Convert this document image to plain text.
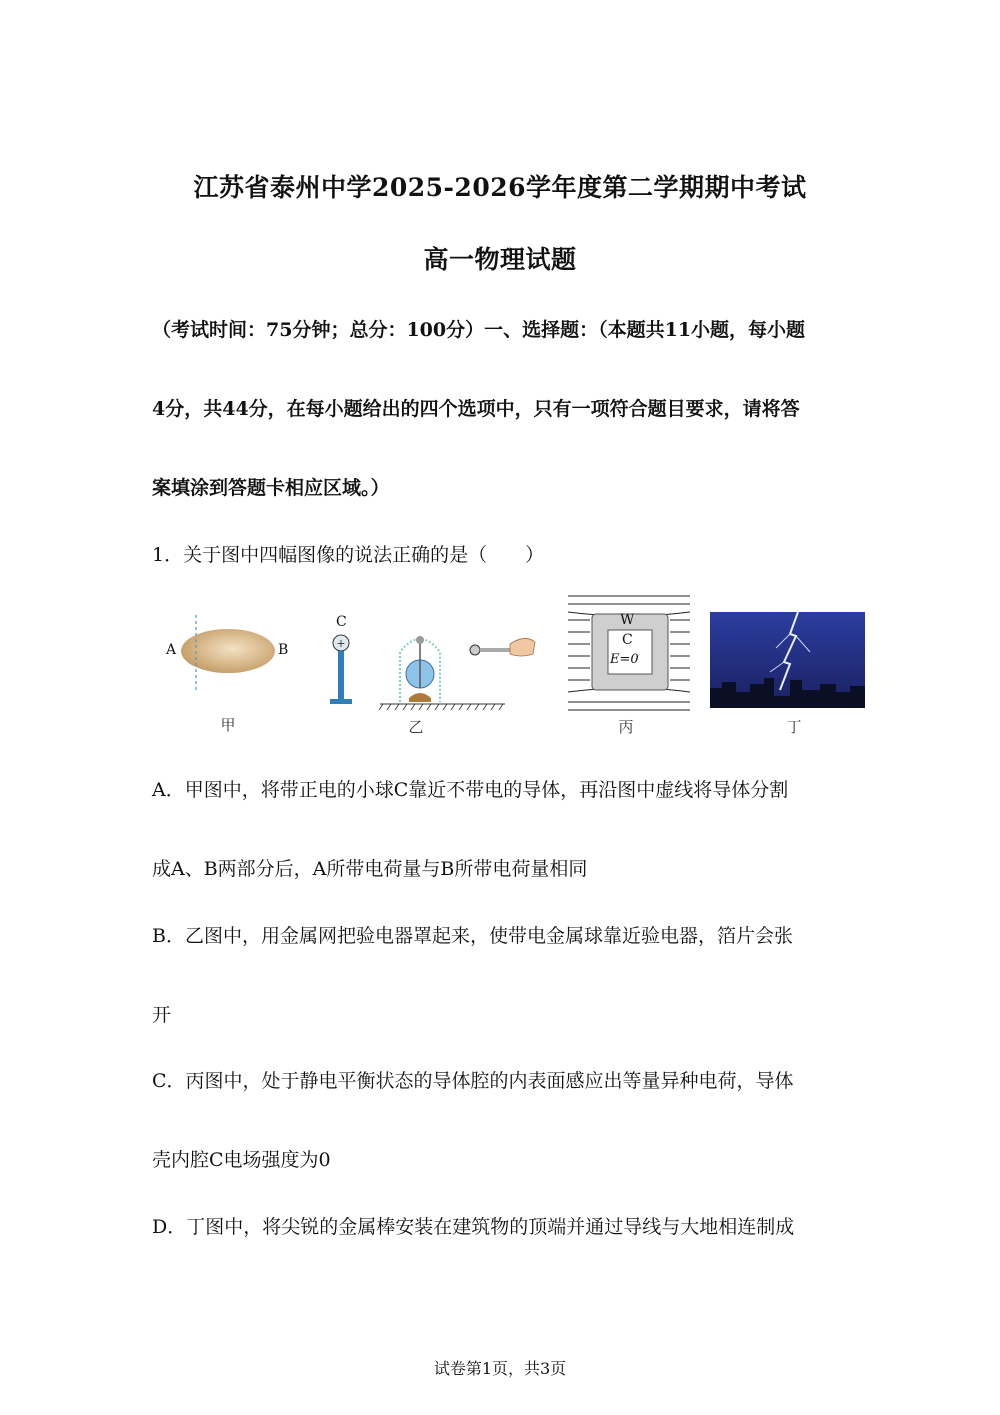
江苏省泰州中学2025-2026学年度第二学期期中考试
高一物理试题
（考试时间：75分钟；总分：100分）一、选择题：（本题共11小题，每小题
4分，共44分，在每小题给出的四个选项中，只有一项符合题目要求，请将答
案填涂到答题卡相应区域。）
1．关于图中四幅图像的说法正确的是（　　）
A	B
甲
C
+
乙
W
C
E=0
丙	丁
A．甲图中，将带正电的小球C靠近不带电的导体，再沿图中虚线将导体分割
成A、B两部分后，A所带电荷量与B所带电荷量相同
B．乙图中，用金属网把验电器罩起来，使带电金属球靠近验电器，箔片会张
开
C．丙图中，处于静电平衡状态的导体腔的内表面感应出等量异种电荷，导体
壳内腔C电场强度为0
D．丁图中，将尖锐的金属棒安装在建筑物的顶端并通过导线与大地相连制成
试卷第1页，共3页
